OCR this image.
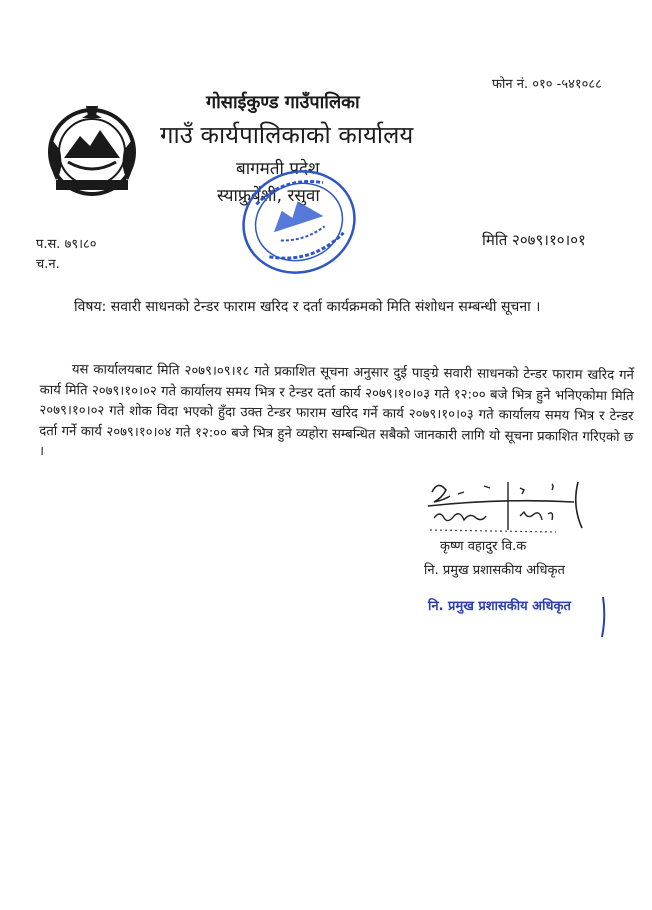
फोन नं. ०१० -५४१०८८
गोसाईकुण्ड गाउँपालिका
गाउँ कार्यपालिकाको कार्यालय
बागमती प्रदेश
स्याफ्रुबेंशी, रसुवा
प.स. ७९।८०
च.न.
मिति २०७९।१०।०१
विषय: सवारी साधनको टेन्डर फाराम खरिद र दर्ता कार्यक्रमको मिति संशोधन सम्बन्धी सूचना ।
यस कार्यालयबाट मिति २०७९।०९।१८ गते प्रकाशित सूचना अनुसार दुई पाङ्ग्रे सवारी साधनको टेन्डर फाराम खरिद गर्ने कार्य मिति २०७९।१०।०२ गते कार्यालय समय भित्र र टेन्डर दर्ता कार्य २०७९।१०।०३ गते १२:०० बजे भित्र हुने भनिएकोमा मिति २०७९।१०।०२ गते शोक विदा भएको हुँदा उक्त टेन्डर फाराम खरिद गर्ने कार्य २०७९।१०।०३ गते कार्यालय समय भित्र र टेन्डर दर्ता गर्ने कार्य २०७९।१०।०४ गते १२:०० बजे भित्र हुने व्यहोरा सम्बन्धित सबैको जानकारी लागि यो सूचना प्रकाशित गरिएको छ ।
कृष्ण वहादुर वि.क
नि. प्रमुख प्रशासकीय अधिकृत
नि. प्रमुख प्रशासकीय अधिकृत
